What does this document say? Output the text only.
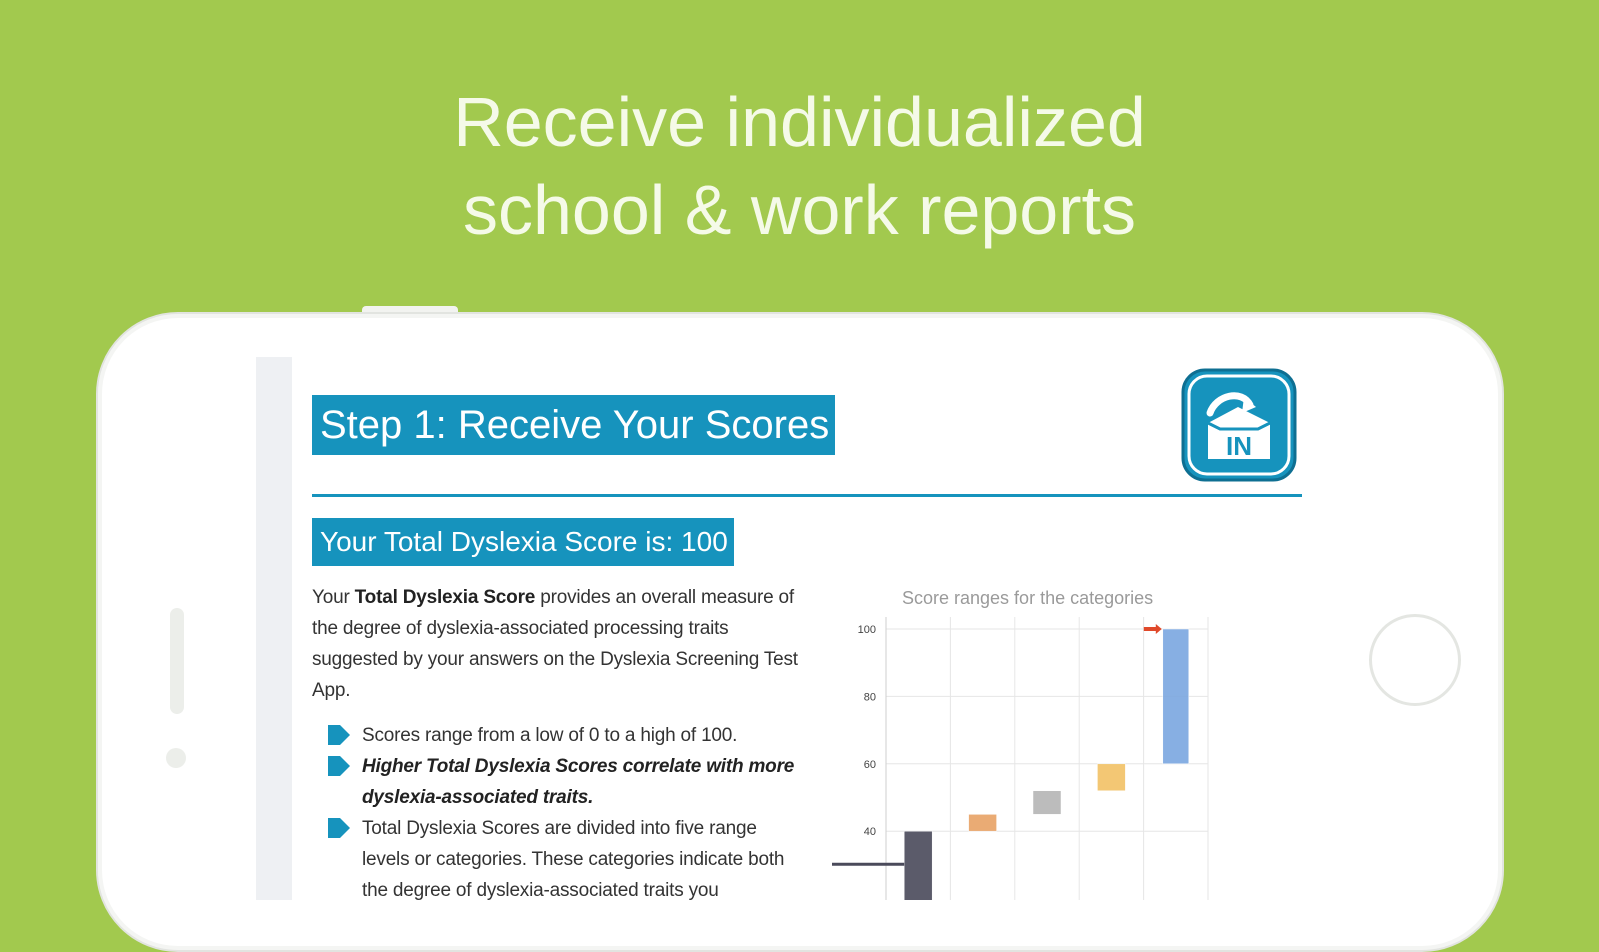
Receive individualized
school & work reports
Step 1: Receive Your Scores	IN
Your Total Dyslexia Score is: 100
Your Total Dyslexia Score provides an overall measure of the degree of dyslexia-associated processing traits suggested by your answers on the Dyslexia Screening Test App.
Scores range from a low of 0 to a high of 100.
Higher Total Dyslexia Scores correlate with more dyslexia-associated traits.
Total Dyslexia Scores are divided into five range levels or categories. These categories indicate both the degree of dyslexia-associated traits you
Score ranges for the categories
40
60
80
100
